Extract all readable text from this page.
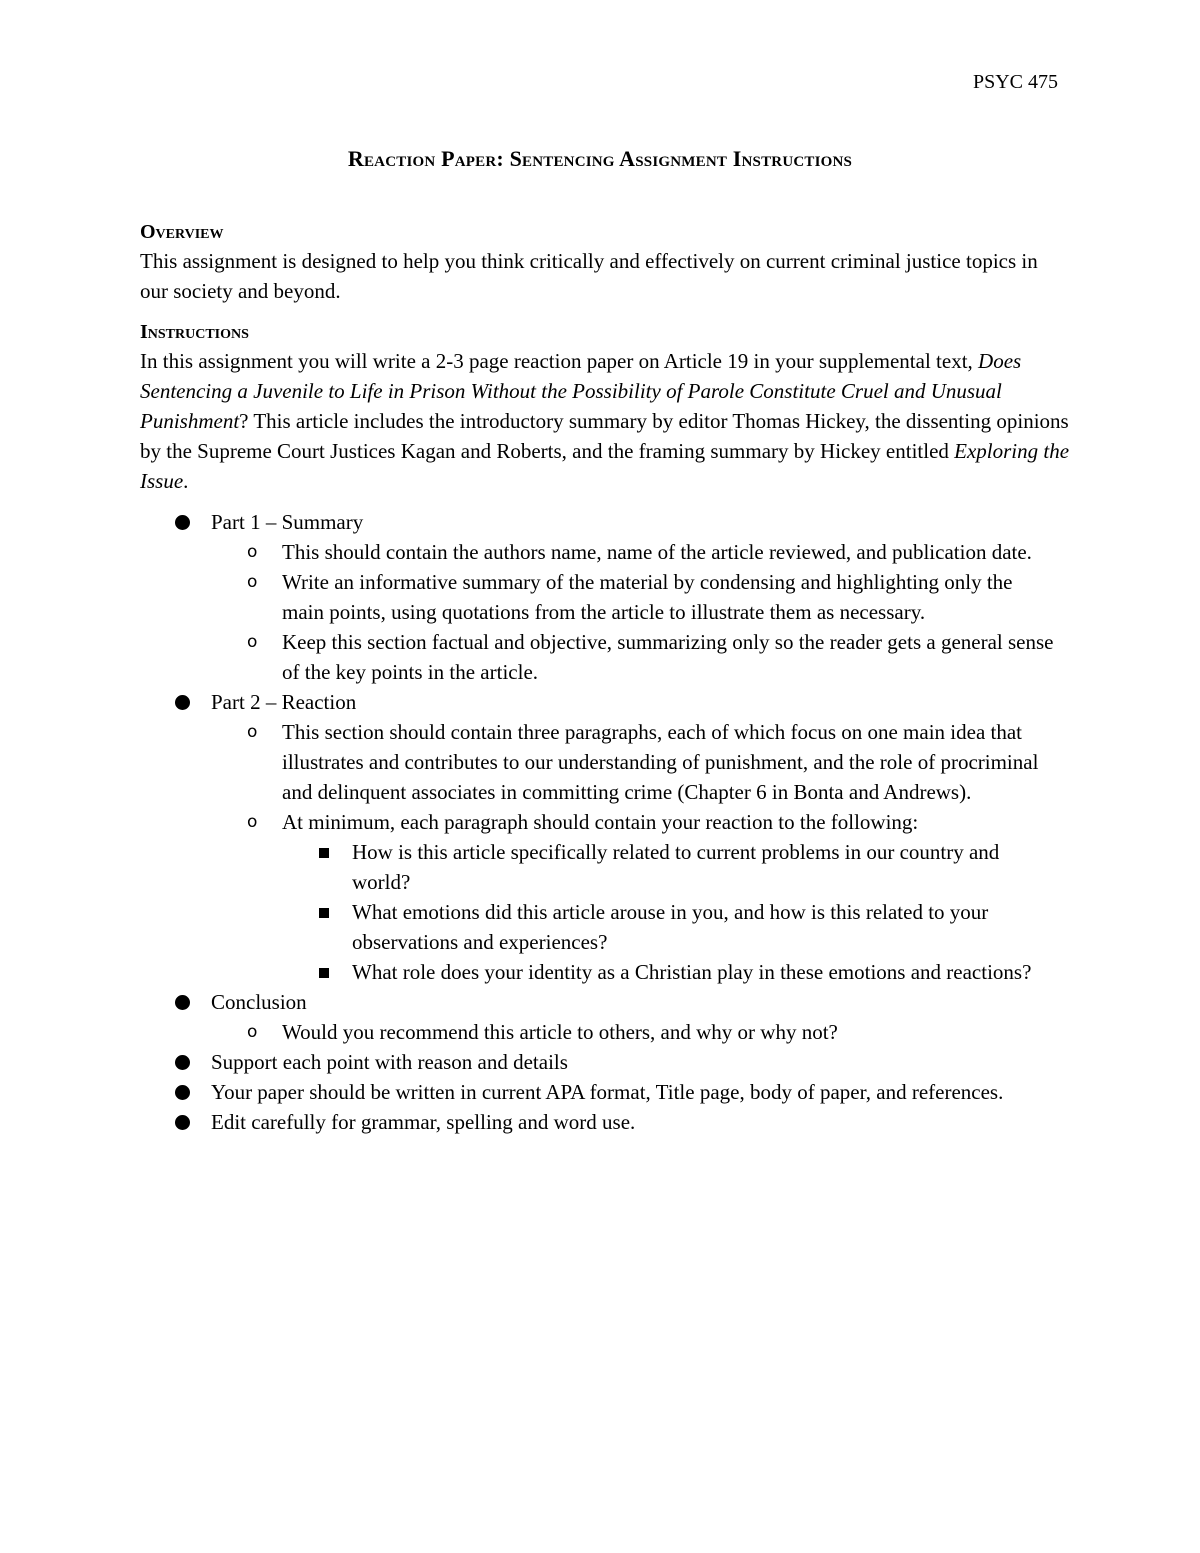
PSYC 475
Reaction Paper: Sentencing Assignment Instructions
Overview

This assignment is designed to help you think critically and effectively on current criminal justice topics in our society and beyond.

Instructions

In this assignment you will write a 2-3 page reaction paper on Article 19 in your supplemental text, Does Sentencing a Juvenile to Life in Prison Without the Possibility of Parole Constitute Cruel and Unusual Punishment? This article includes the introductory summary by editor Thomas Hickey, the dissenting opinions by the Supreme Court Justices Kagan and Roberts, and the framing summary by Hickey entitled Exploring the Issue.

Part 1 – Summary
o This should contain the authors name, name of the article reviewed, and publication date.
o Write an informative summary of the material by condensing and highlighting only the main points, using quotations from the article to illustrate them as necessary.
o Keep this section factual and objective, summarizing only so the reader gets a general sense of the key points in the article.
Part 2 – Reaction
o This section should contain three paragraphs, each of which focus on one main idea that illustrates and contributes to our understanding of punishment, and the role of procriminal and delinquent associates in committing crime (Chapter 6 in Bonta and Andrews).
o At minimum, each paragraph should contain your reaction to the following:
How is this article specifically related to current problems in our country and world?
What emotions did this article arouse in you, and how is this related to your observations and experiences?
What role does your identity as a Christian play in these emotions and reactions?
Conclusion
o Would you recommend this article to others, and why or why not?
Support each point with reason and details
Your paper should be written in current APA format, Title page, body of paper, and references.
Edit carefully for grammar, spelling and word use.
